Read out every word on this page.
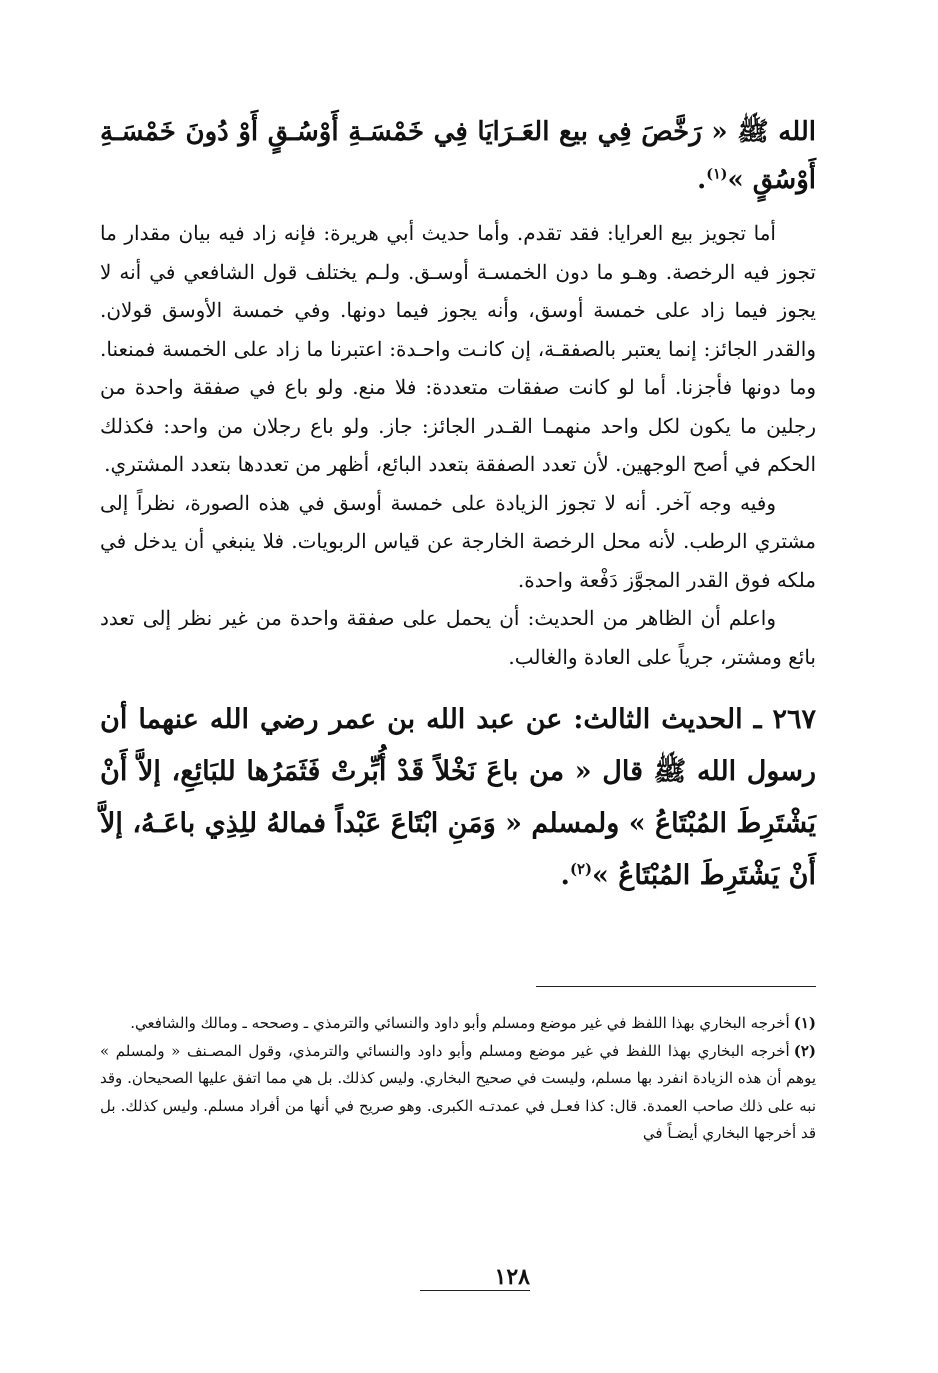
الله ﷺ « رَخَّصَ فِي بيع العَـرَايَا فِي خَمْسَـةِ أَوْسُـقٍ أَوْ دُونَ خَمْسَـةِ أَوْسُقٍ »$^{(١)}$.

أما تجويز بيع العرايا: فقد تقدم. وأما حديث أبي هريرة: فإنه زاد فيه بيان مقدار ما تجوز فيه الرخصة. وهـو ما دون الخمسـة أوسـق. ولـم يختلف قول الشافعي في أنه لا يجوز فيما زاد على خمسة أوسق، وأنه يجوز فيما دونها. وفي خمسة الأوسق قولان. والقدر الجائز: إنما يعتبر بالصفقـة، إن كانـت واحـدة: اعتبرنا ما زاد على الخمسة فمنعنا. وما دونها فأجزنا. أما لو كانت صفقات متعددة: فلا منع. ولو باع في صفقة واحدة من رجلين ما يكون لكل واحد منهمـا القـدر الجائز: جاز. ولو باع رجلان من واحد: فكذلك الحكم في أصح الوجهين. لأن تعدد الصفقة بتعدد البائع، أظهر من تعددها بتعدد المشتري.

وفيه وجه آخر. أنه لا تجوز الزيادة على خمسة أوسق في هذه الصورة، نظراً إلى مشتري الرطب. لأنه محل الرخصة الخارجة عن قياس الربويات. فلا ينبغي أن يدخل في ملكه فوق القدر المجوَّز دَفْعة واحدة.

واعلم أن الظاهر من الحديث: أن يحمل على صفقة واحدة من غير نظر إلى تعدد بائع ومشتر، جرياً على العادة والغالب.

٢٦٧ ـ الحديث الثالث: عن عبد الله بن عمر رضي الله عنهما أن رسول الله ﷺ قال « من باعَ نَخْلاً قَدْ أُبِّرتْ فَثَمَرُها للبَائِعِ، إلاَّ أَنْ يَشْتَرِطَ المُبْتَاعُ » ولمسلم « وَمَنِ ابْتَاعَ عَبْداً فمالهُ للِذِي باعَـهُ، إلاَّ أَنْ يَشْتَرِطَ المُبْتَاعُ »$^{(٢)}$.

(١)أخرجه البخاري بهذا اللفظ في غير موضع ومسلم وأبو داود والنسائي والترمذي ـ وصححه ـ ومالك والشافعي.

(٢)أخرجه البخاري بهذا اللفظ في غير موضع ومسلم وأبو داود والنسائي والترمذي، وقول المصـنف « ولمسلم » يوهم أن هذه الزيادة انفرد بها مسلم، وليست في صحيح البخاري. وليس كذلك. بل هي مما اتفق عليها الصحيحان. وقد نبه على ذلك صاحب العمدة. قال: كذا فعـل في عمدتـه الكبرى. وهو صريح في أنها من أفراد مسلم. وليس كذلك. بل قد أخرجها البخاري أيضـاً في

١٢٨
